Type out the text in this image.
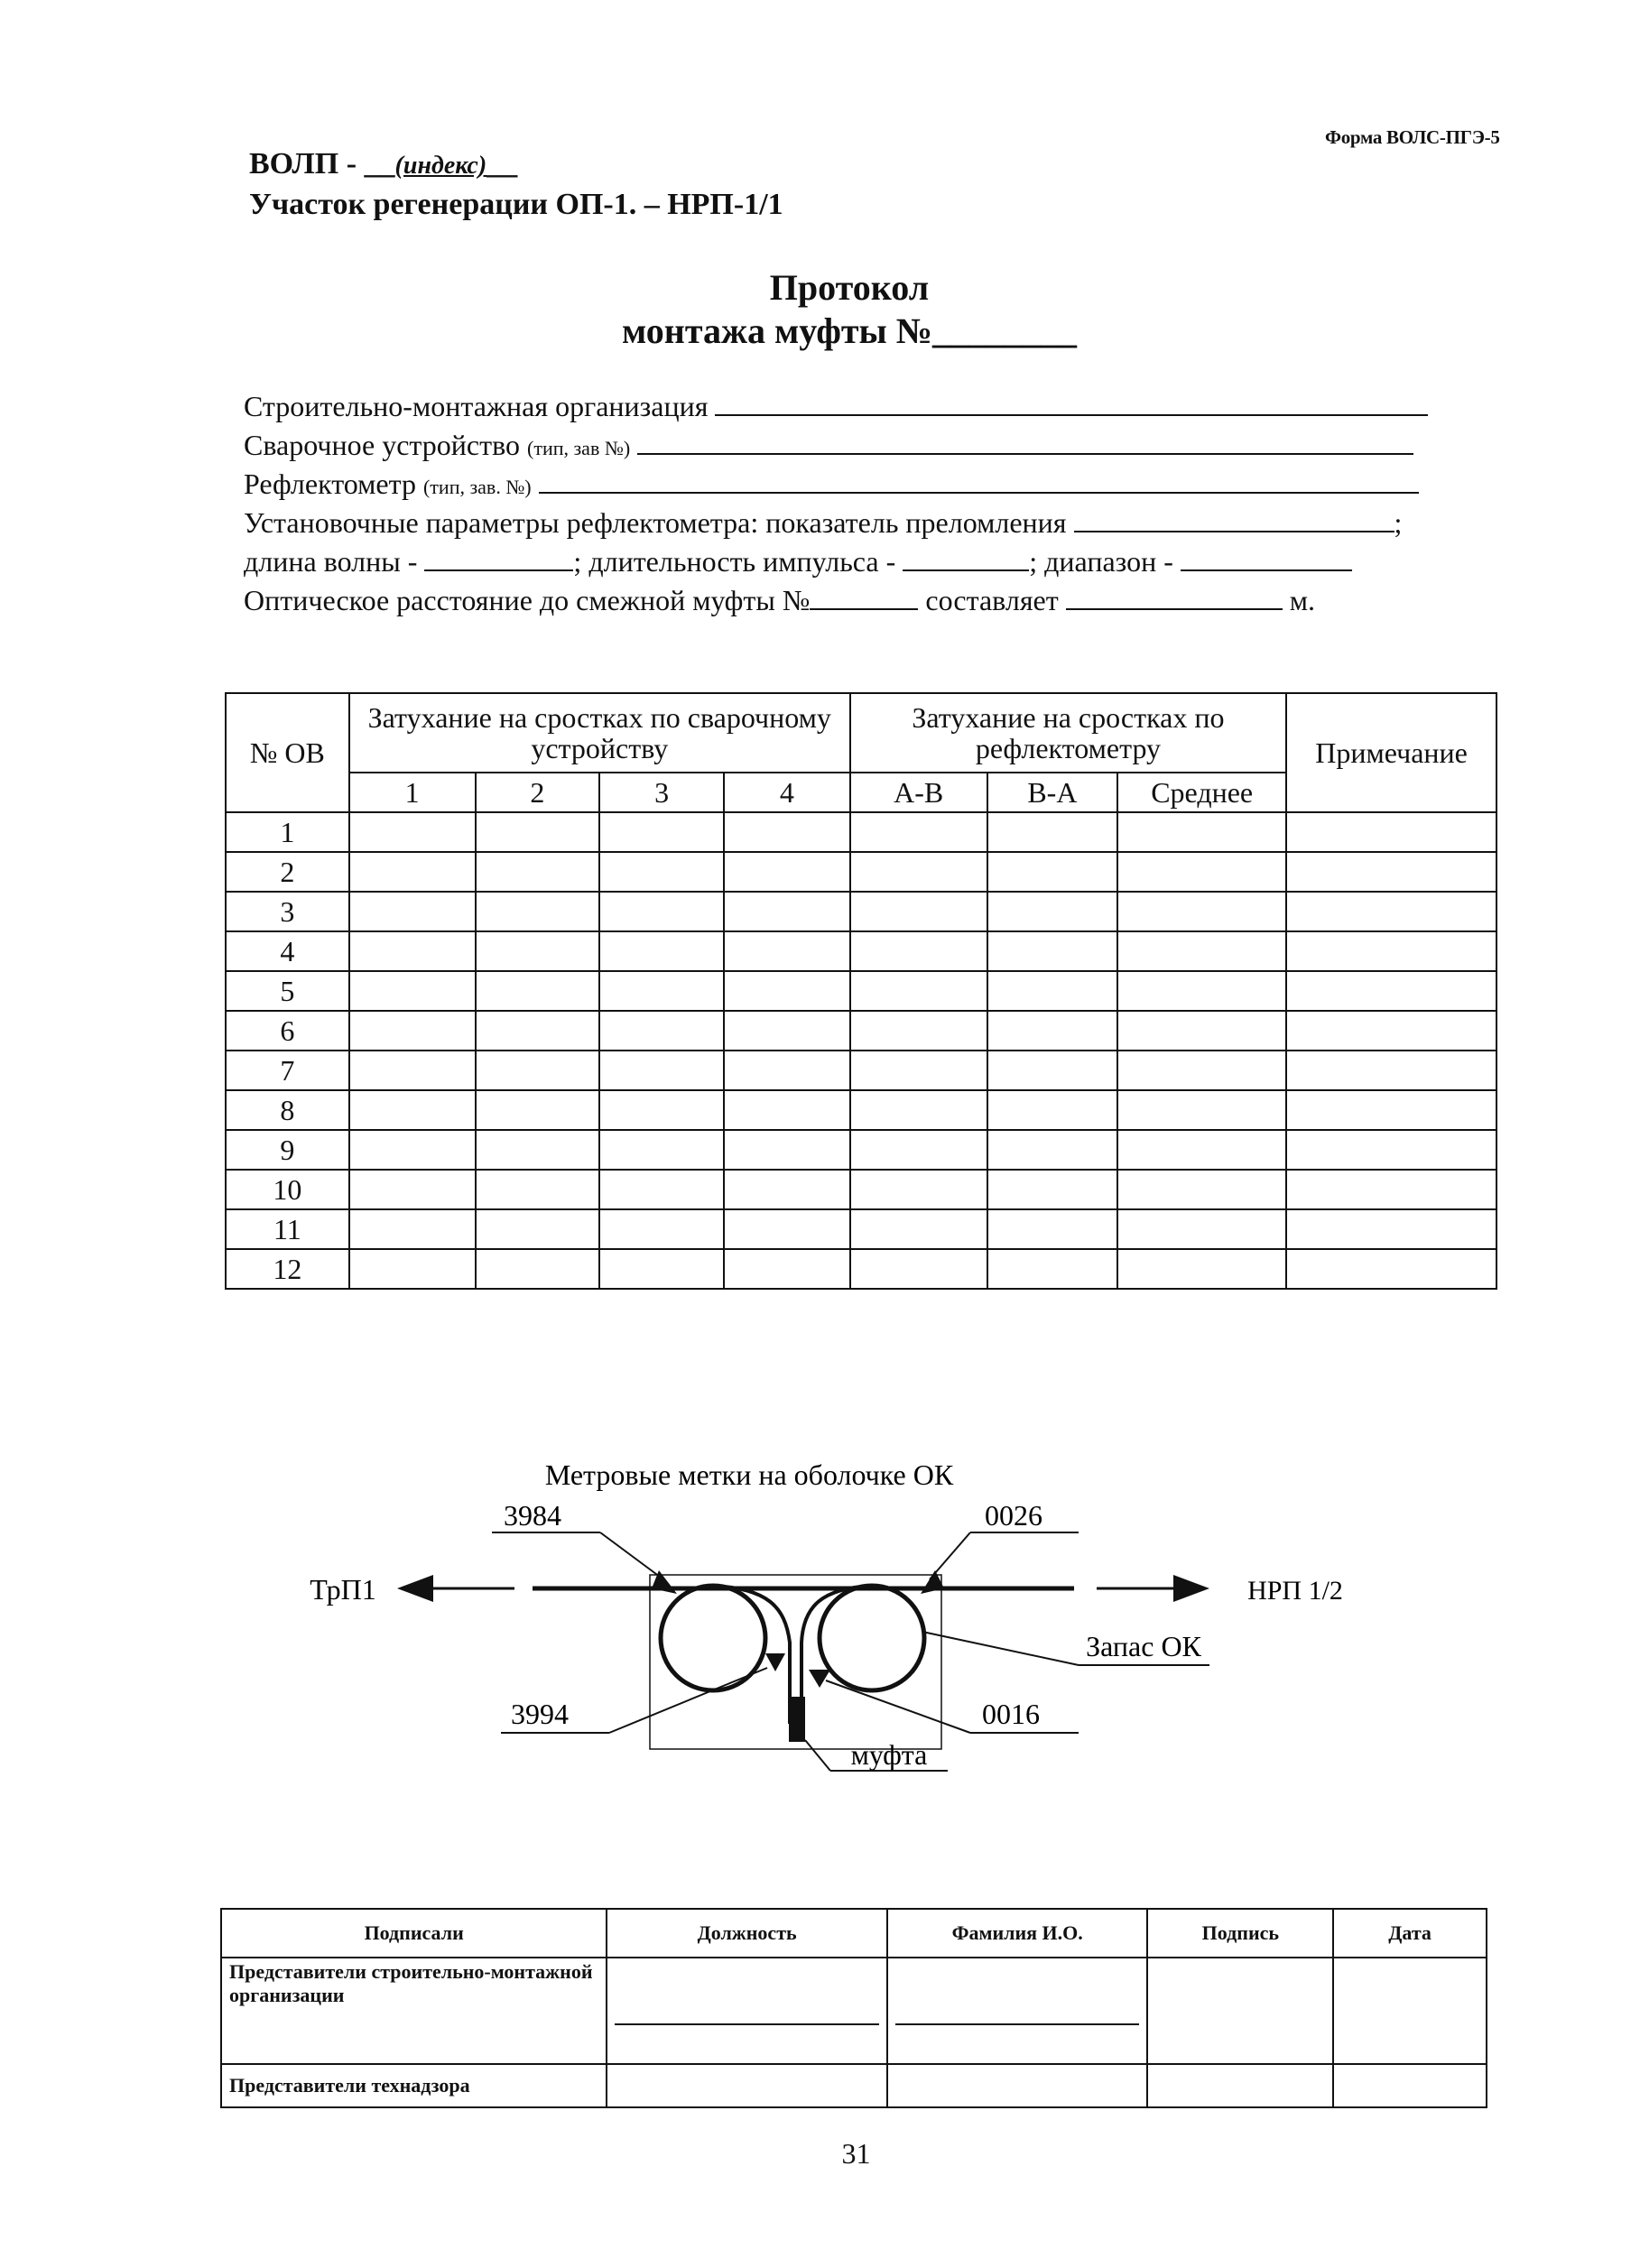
Форма ВОЛС-ПГЭ-5
ВОЛП - __(индекс)__
Участок регенерации ОП-1. – НРП-1/1
Протокол
монтажа муфты №________
Строительно-монтажная организация
Сварочное устройство (тип, зав №)
Рефлектометр (тип, зав. №)
Установочные параметры рефлектометра: показатель преломления	;
длина волны -	; длительность импульса -	; диапазон -
Оптическое расстояние до смежной муфты №	составляет	м.
№ ОВ	Затухание на сростках по сварочному устройству				Затухание на сростках по рефлектометру			Примечание
	1	2	3	4	А-В	В-А	Среднее	
1								
2								
3								
4								
5								
6								
7								
8								
9								
10								
11								
12								
Метровые метки на оболочке ОК
3984	0026
ТрП1	НРП 1/2
3994	0016
Запас ОК
муфта
Подписали	Должность	Фамилия И.О.	Подпись	Дата
Представители строительно-монтажной организации	

Представители технадзора				
31
